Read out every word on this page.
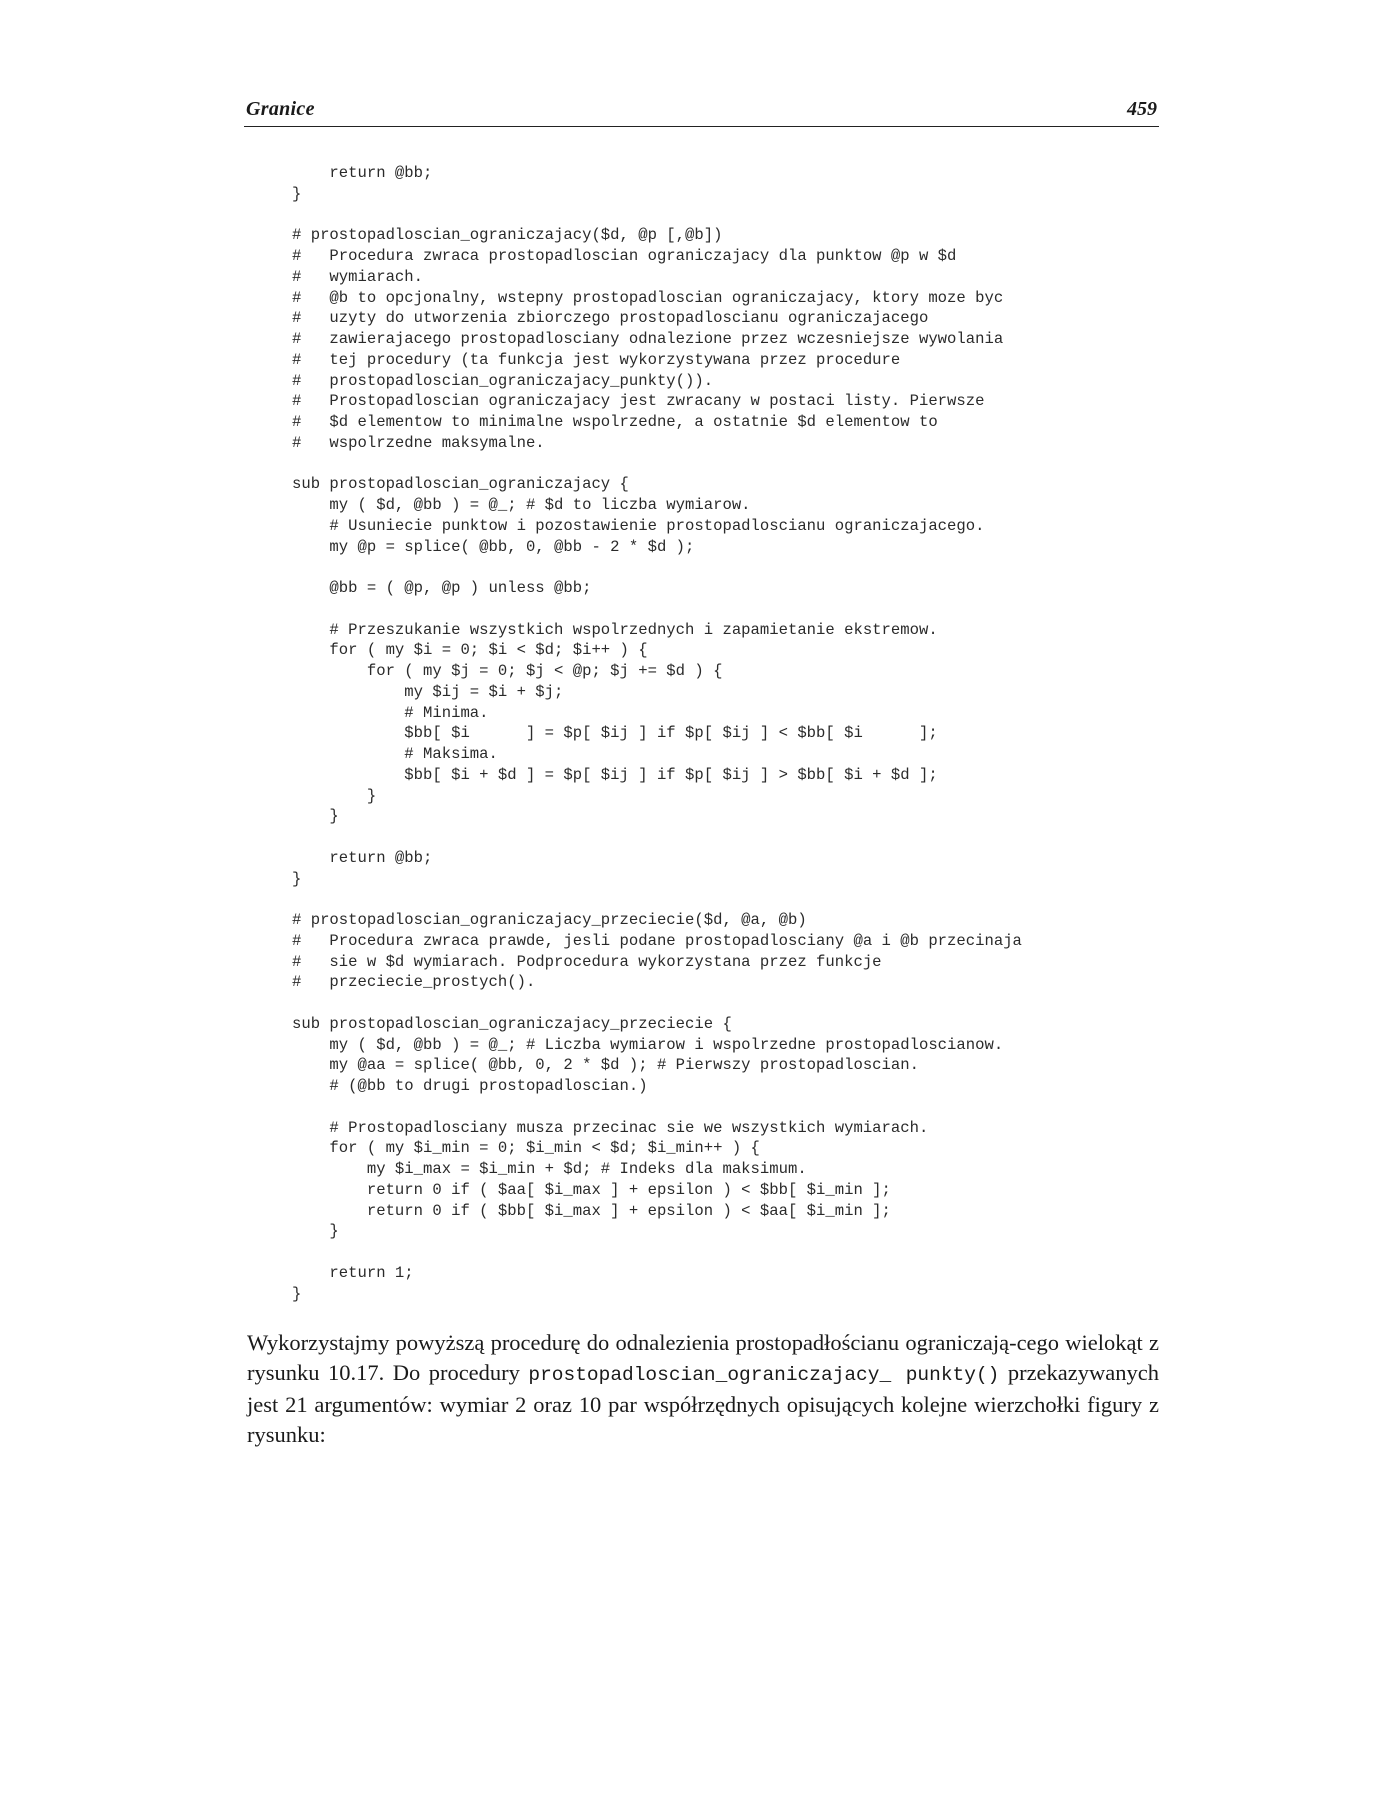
Granice	459
return @bb;
}
# prostopadloscian_ograniczajacy($d, @p [,@b])
#   Procedura zwraca prostopadloscian ograniczajacy dla punktow @p w $d
#   wymiarach.
#   @b to opcjonalny, wstepny prostopadloscian ograniczajacy, ktory moze byc
#   uzyty do utworzenia zbiorczego prostopadloscianu ograniczajacego
#   zawierajacego prostopadlosciany odnalezione przez wczesniejsze wywolania
#   tej procedury (ta funkcja jest wykorzystywana przez procedure
#   prostopadloscian_ograniczajacy_punkty()).
#   Prostopadloscian ograniczajacy jest zwracany w postaci listy. Pierwsze
#   $d elementow to minimalne wspolrzedne, a ostatnie $d elementow to
#   wspolrzedne maksymalne.
sub prostopadloscian_ograniczajacy {
my ( $d, @bb ) = @_; # $d to liczba wymiarow.
# Usuniecie punktow i pozostawienie prostopadloscianu ograniczajacego.
my @p = splice( @bb, 0, @bb - 2 * $d );
@bb = ( @p, @p ) unless @bb;
# Przeszukanie wszystkich wspolrzednych i zapamietanie ekstremow.
for ( my $i = 0; $i < $d; $i++ ) {
for ( my $j = 0; $j < @p; $j += $d ) {
my $ij = $i + $j;
# Minima.
$bb[ $i      ] = $p[ $ij ] if $p[ $ij ] < $bb[ $i      ];
# Maksima.
$bb[ $i + $d ] = $p[ $ij ] if $p[ $ij ] > $bb[ $i + $d ];
}
}
return @bb;
}
# prostopadloscian_ograniczajacy_przeciecie($d, @a, @b)
#   Procedura zwraca prawde, jesli podane prostopadlosciany @a i @b przecinaja
#   sie w $d wymiarach. Podprocedura wykorzystana przez funkcje
#   przeciecie_prostych().
sub prostopadloscian_ograniczajacy_przeciecie {
my ( $d, @bb ) = @_; # Liczba wymiarow i wspolrzedne prostopadloscianow.
my @aa = splice( @bb, 0, 2 * $d ); # Pierwszy prostopadloscian.
# (@bb to drugi prostopadloscian.)
# Prostopadlosciany musza przecinac sie we wszystkich wymiarach.
for ( my $i_min = 0; $i_min < $d; $i_min++ ) {
my $i_max = $i_min + $d; # Indeks dla maksimum.
return 0 if ( $aa[ $i_max ] + epsilon ) < $bb[ $i_min ];
return 0 if ( $bb[ $i_max ] + epsilon ) < $aa[ $i_min ];
}
return 1;
}

Wykorzystajmy powyższą procedurę do odnalezienia prostopadłościanu ograniczają-cego wielokąt z rysunku 10.17. Do procedury prostopadloscian_ograniczajacy_ punkty() przekazywanych jest 21 argumentów: wymiar 2 oraz 10 par współrzędnych opisujących kolejne wierzchołki figury z rysunku:
